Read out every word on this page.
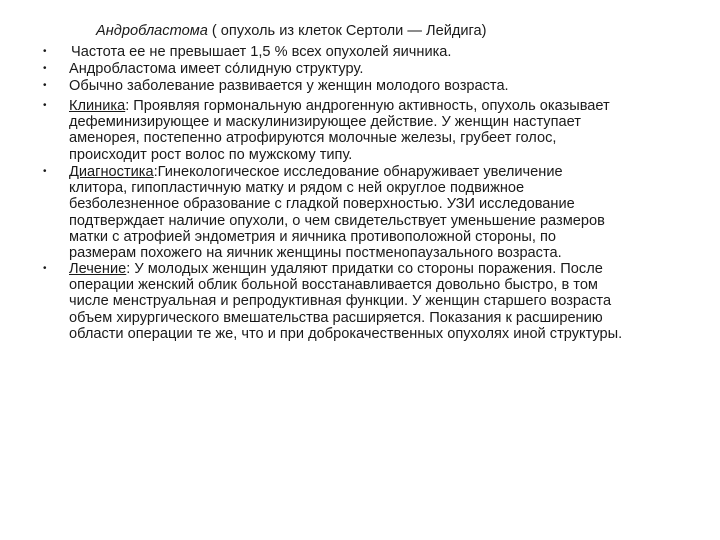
Андробластома ( опухоль из клеток Сертоли — Лейдига)

•	Частота ее не превышает 1,5 % всех опухолей яичника.
•	Андробластома имеет со́лидную структуру.
•	Обычно заболевание развивается у женщин молодого возраста.
•	Клиника: Проявляя гормональную андрогенную активность, опухоль оказывает
дефеминизирующее и маскулинизирующее действие. У женщин наступает
аменорея, постепенно атрофируются молочные железы, грубеет голос,
происходит рост волос по мужскому типу.
•	Диагностика:Гинекологическое исследование обнаруживает увеличение
клитора, гипопластичную матку и рядом с ней округлое подвижное
безболезненное образование с гладкой поверхностью. УЗИ исследование
подтверждает наличие опухоли, о чем свидетельствует уменьшение размеров
матки с атрофией эндометрия и яичника противоположной стороны, по
размерам похожего на яичник женщины постменопаузального возраста.
•	Лечение: У молодых женщин удаляют придатки со стороны поражения. После
операции женский облик больной восстанавливается довольно быстро, в том
числе менструальная и репродуктивная функции. У женщин старшего возраста
объем хирургического вмешательства расширяется. Показания к расширению
области операции те же, что и при доброкачественных опухолях иной структуры.
